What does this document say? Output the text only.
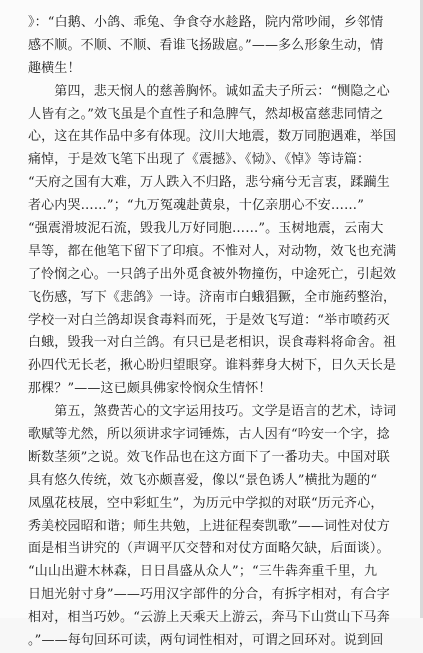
》：“白鹅、小鸽、乖兔、争食夺水趁路，院内常吵闹，乡邻情
感不顺。不顺、不顺、看谁飞扬跋扈。”——多么形象生动，情
趣横生！
　　第四，悲天悯人的慈善胸怀。诚如孟夫子所云：“恻隐之心
人皆有之。”效飞虽是个直性子和急脾气，然却极富慈悲同情之
心，这在其作品中多有体现。汶川大地震，数万同胞遇难，举国
痛悼，于是效飞笔下出现了《震撼》、《恸》、《悼》等诗篇：
“天府之国有大难，万人跌入不归路，悲兮痛兮无言衷，蹂躏生
者心内哭……”；“九万冤魂赴黄泉，十亿亲朋心不安……”
“强震滑坡泥石流，毁我儿万好同胞……”。玉树地震，云南大
旱等，都在他笔下留下了印痕。不惟对人，对动物，效飞也充满
了怜悯之心。一只鸽子出外觅食被外物撞伤，中途死亡，引起效
飞伤感，写下《悲鸽》一诗。济南市白蛾猖獗，全市施药整治，
学校一对白兰鸽却误食毒料而死，于是效飞写道：“举市喷药灭
白蛾，毁我一对白兰鸽。有只已是老相识，误食毒料将命舍。祖
孙四代无长老，揪心盼归望眼穿。谁料葬身大树下，日久天长是
那棵？”——这已颇具佛家怜悯众生情怀！
　　第五，煞费苦心的文字运用技巧。文学是语言的艺术，诗词
歌赋等尤然，所以须讲求字词锤炼，古人因有“吟安一个字，捻
断数茎须”之说。效飞作品也在这方面下了一番功夫。中国对联
具有悠久传统，效飞亦颇喜爱，像以“景色诱人”横批为题的“
凤凰花枝展，空中彩虹生”，为历元中学拟的对联“历元齐心，
秀美校园昭和谐；师生共勉，上进征程奏凯歌”——词性对仗方
面是相当讲究的（声调平仄交替和对仗方面略欠缺，后面谈）。
“山山出避木林森，日日昌盛从众人”；“三牛犇奔重千里，九
日旭光射寸身”——巧用汉字部件的分合，有拆字相对，有合字
相对，相当巧妙。“云游上天乘天上游云，奔马下山赏山下马奔
。”——每句回环可读，两句词性相对，可谓之回环对。说到回
